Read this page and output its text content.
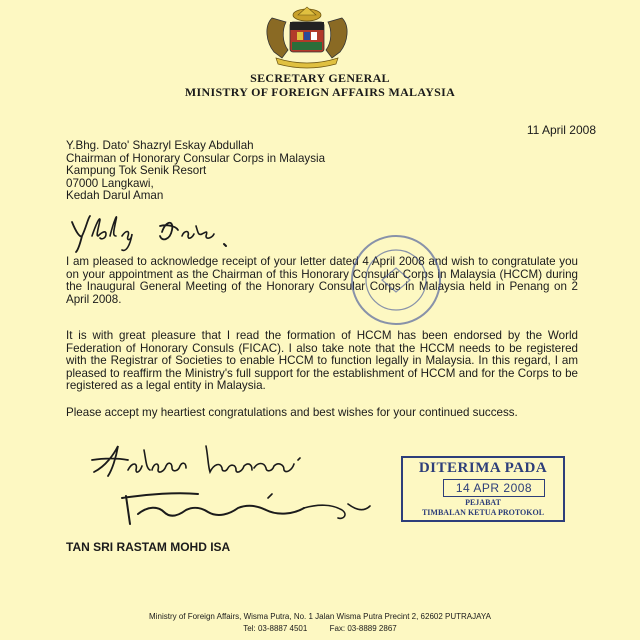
SECRETARY GENERAL
MINISTRY OF FOREIGN AFFAIRS MALAYSIA
11 April 2008
Y.Bhg. Dato' Shazryl Eskay Abdullah
Chairman of Honorary Consular Corps in Malaysia
Kampung Tok Senik Resort
07000 Langkawi,
Kedah Darul Aman
I am pleased to acknowledge receipt of your letter dated 4 April 2008 and wish to congratulate you on your appointment as the Chairman of this Honorary Consular Corps in Malaysia (HCCM) during the Inaugural General Meeting of the Honorary Consular Corps in Malaysia held in Penang on 2 April 2008.
It is with great pleasure that I read the formation of HCCM has been endorsed by the World Federation of Honorary Consuls (FICAC). I also take note that the HCCM needs to be registered with the Registrar of Societies to enable HCCM to function legally in Malaysia. In this regard, I am pleased to reaffirm the Ministry's full support for the establishment of HCCM and for the Corps to be registered as a legal entity in Malaysia.
Please accept my heartiest congratulations and best wishes for your continued success.
TAN SRI RASTAM MOHD ISA
DITERIMA PADA
14 APR 2008
PEJABAT
TIMBALAN KETUA PROTOKOL
Ministry of Foreign Affairs, Wisma Putra, No. 1 Jalan Wisma Putra Precint 2, 62602 PUTRAJAYA
Tel: 03-8887 4501	Fax: 03-8889 2867
